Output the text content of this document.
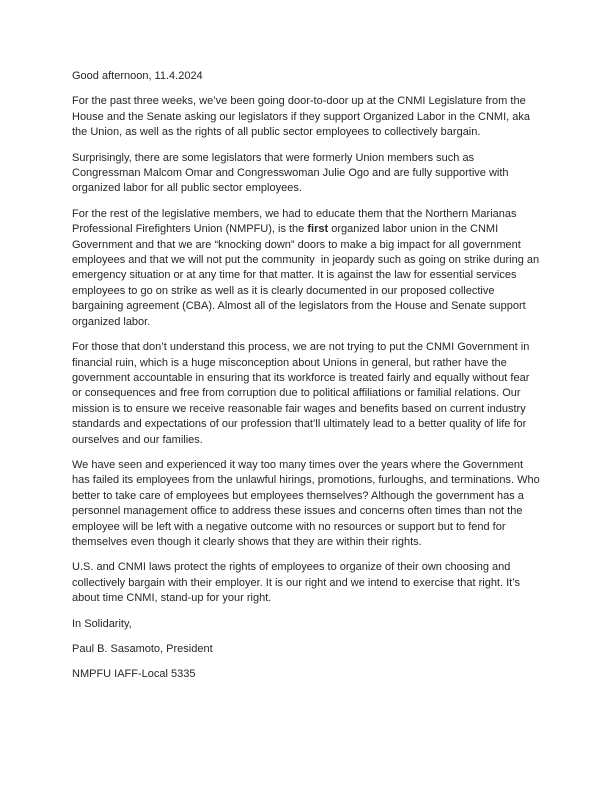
Good afternoon, 11.4.2024

For the past three weeks, we’ve been going door-to-door up at the CNMI Legislature from the House and the Senate asking our legislators if they support Organized Labor in the CNMI, aka the Union, as well as the rights of all public sector employees to collectively bargain.

Surprisingly, there are some legislators that were formerly Union members such as Congressman Malcom Omar and Congresswoman Julie Ogo and are fully supportive with organized labor for all public sector employees.

For the rest of the legislative members, we had to educate them that the Northern Marianas Professional Firefighters Union (NMPFU), is the first organized labor union in the CNMI Government and that we are “knocking down” doors to make a big impact for all government employees and that we will not put the community  in jeopardy such as going on strike during an emergency situation or at any time for that matter. It is against the law for essential services employees to go on strike as well as it is clearly documented in our proposed collective bargaining agreement (CBA). Almost all of the legislators from the House and Senate support organized labor.

For those that don’t understand this process, we are not trying to put the CNMI Government in financial ruin, which is a huge misconception about Unions in general, but rather have the government accountable in ensuring that its workforce is treated fairly and equally without fear or consequences and free from corruption due to political affiliations or familial relations. Our mission is to ensure we receive reasonable fair wages and benefits based on current industry standards and expectations of our profession that’ll ultimately lead to a better quality of life for ourselves and our families.

We have seen and experienced it way too many times over the years where the Government has failed its employees from the unlawful hirings, promotions, furloughs, and terminations. Who better to take care of employees but employees themselves? Although the government has a personnel management office to address these issues and concerns often times than not the employee will be left with a negative outcome with no resources or support but to fend for themselves even though it clearly shows that they are within their rights.

U.S. and CNMI laws protect the rights of employees to organize of their own choosing and collectively bargain with their employer. It is our right and we intend to exercise that right. It’s about time CNMI, stand-up for your right.

In Solidarity,

Paul B. Sasamoto, President

NMPFU IAFF-Local 5335
